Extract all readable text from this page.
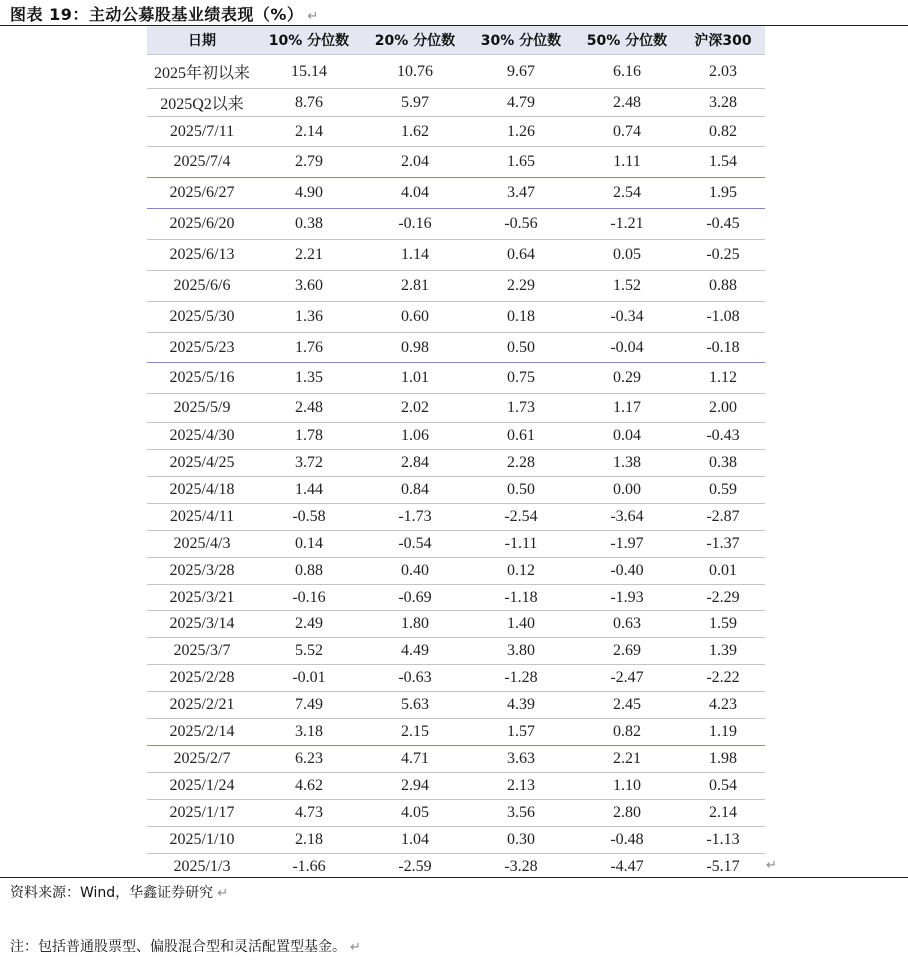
图表 19：主动公募股基业绩表现（%） ↵
日期	10% 分位数	20% 分位数	30% 分位数	50% 分位数	沪深300
2025年初以来	15.14	10.76	9.67	6.16	2.03
2025Q2以来	8.76	5.97	4.79	2.48	3.28
2025/7/11	2.14	1.62	1.26	0.74	0.82
2025/7/4	2.79	2.04	1.65	1.11	1.54
2025/6/27	4.90	4.04	3.47	2.54	1.95
2025/6/20	0.38	-0.16	-0.56	-1.21	-0.45
2025/6/13	2.21	1.14	0.64	0.05	-0.25
2025/6/6	3.60	2.81	2.29	1.52	0.88
2025/5/30	1.36	0.60	0.18	-0.34	-1.08
2025/5/23	1.76	0.98	0.50	-0.04	-0.18
2025/5/16	1.35	1.01	0.75	0.29	1.12
2025/5/9	2.48	2.02	1.73	1.17	2.00
2025/4/30	1.78	1.06	0.61	0.04	-0.43
2025/4/25	3.72	2.84	2.28	1.38	0.38
2025/4/18	1.44	0.84	0.50	0.00	0.59
2025/4/11	-0.58	-1.73	-2.54	-3.64	-2.87
2025/4/3	0.14	-0.54	-1.11	-1.97	-1.37
2025/3/28	0.88	0.40	0.12	-0.40	0.01
2025/3/21	-0.16	-0.69	-1.18	-1.93	-2.29
2025/3/14	2.49	1.80	1.40	0.63	1.59
2025/3/7	5.52	4.49	3.80	2.69	1.39
2025/2/28	-0.01	-0.63	-1.28	-2.47	-2.22
2025/2/21	7.49	5.63	4.39	2.45	4.23
2025/2/14	3.18	2.15	1.57	0.82	1.19
2025/2/7	6.23	4.71	3.63	2.21	1.98
2025/1/24	4.62	2.94	2.13	1.10	0.54
2025/1/17	4.73	4.05	3.56	2.80	2.14
2025/1/10	2.18	1.04	0.30	-0.48	-1.13
2025/1/3	-1.66	-2.59	-3.28	-4.47	-5.17 ↵
资料来源：Wind，华鑫证券研究 ↵
注：包括普通股票型、偏股混合型和灵活配置型基金。 ↵
